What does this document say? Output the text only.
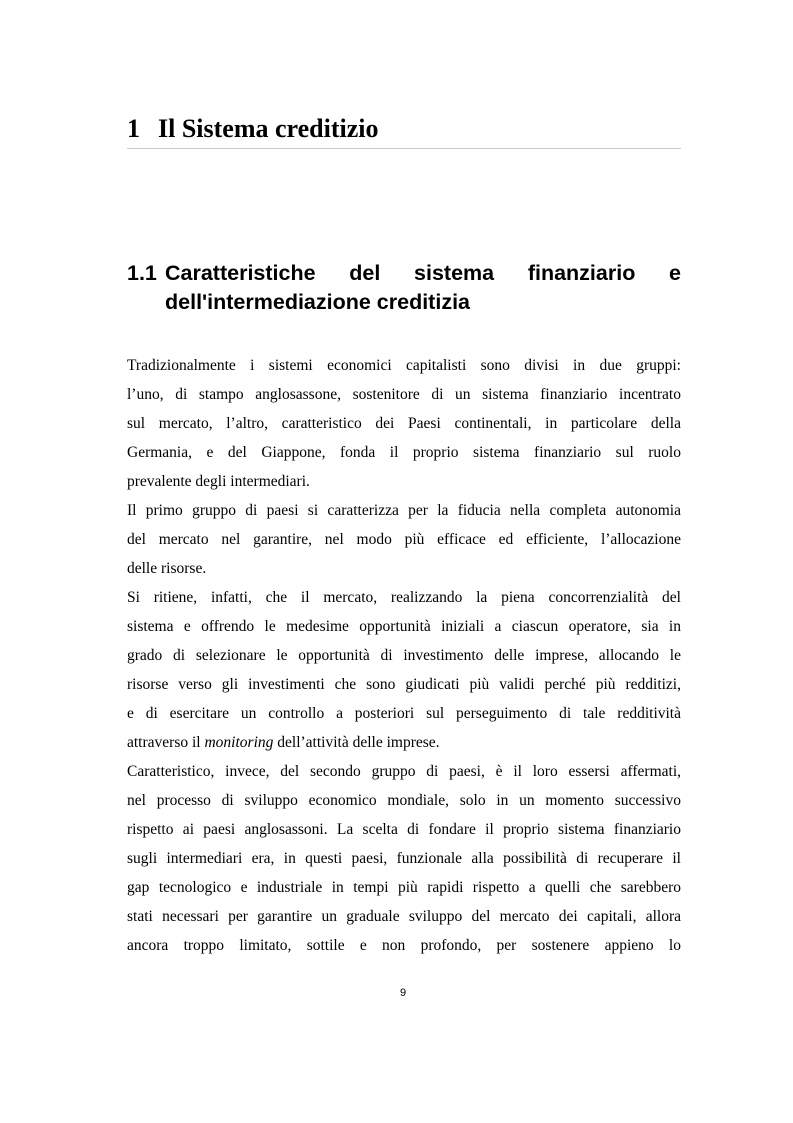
1 Il Sistema creditizio
1.1 Caratteristiche del sistema finanziario e
dell'intermediazione creditizia
Tradizionalmente i sistemi economici capitalisti sono divisi in due gruppi:
l’uno, di stampo anglosassone, sostenitore di un sistema finanziario incentrato
sul mercato, l’altro, caratteristico dei Paesi continentali, in particolare della
Germania, e del Giappone, fonda il proprio sistema finanziario sul ruolo
prevalente degli intermediari.
Il primo gruppo di paesi si caratterizza per la fiducia nella completa autonomia
del mercato nel garantire, nel modo più efficace ed efficiente, l’allocazione
delle risorse.
Si ritiene, infatti, che il mercato, realizzando la piena concorrenzialità del
sistema e offrendo le medesime opportunità iniziali a ciascun operatore, sia in
grado di selezionare le opportunità di investimento delle imprese, allocando le
risorse verso gli investimenti che sono giudicati più validi perché più redditizi,
e di esercitare un controllo a posteriori sul perseguimento di tale redditività
attraverso il monitoring dell’attività delle imprese.
Caratteristico, invece, del secondo gruppo di paesi, è il loro essersi affermati,
nel processo di sviluppo economico mondiale, solo in un momento successivo
rispetto ai paesi anglosassoni. La scelta di fondare il proprio sistema finanziario
sugli intermediari era, in questi paesi, funzionale alla possibilità di recuperare il
gap tecnologico e industriale in tempi più rapidi rispetto a quelli che sarebbero
stati necessari per garantire un graduale sviluppo del mercato dei capitali, allora
ancora troppo limitato, sottile e non profondo, per sostenere appieno lo
9
